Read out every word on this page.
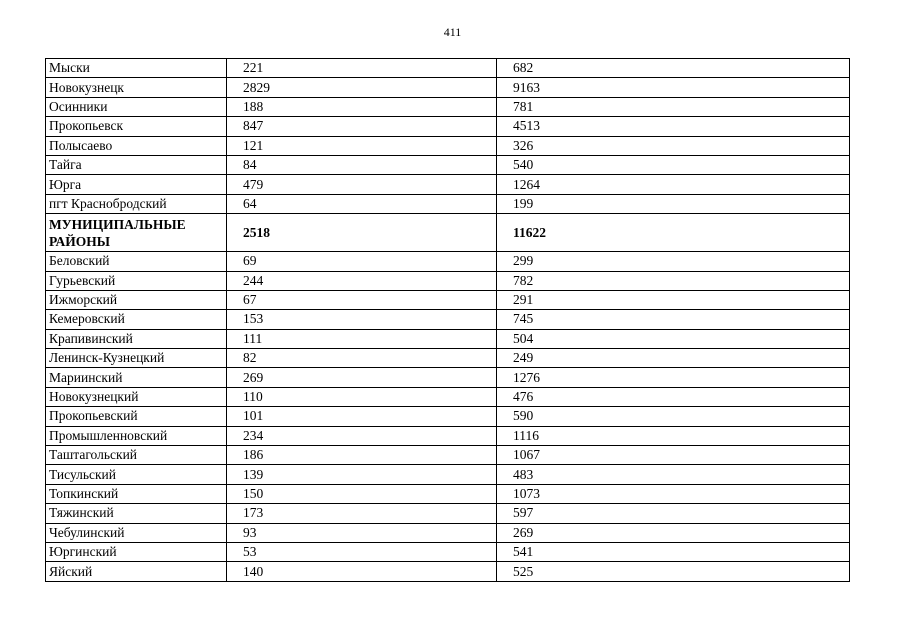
411
Мыски	221	682
Новокузнецк	2829	9163
Осинники	188	781
Прокопьевск	847	4513
Полысаево	121	326
Тайга	84	540
Юрга	479	1264
пгт Краснобродский	64	199
МУНИЦИПАЛЬНЫЕ РАЙОНЫ	2518	11622
Беловский	69	299
Гурьевский	244	782
Ижморский	67	291
Кемеровский	153	745
Крапивинский	111	504
Ленинск-Кузнецкий	82	249
Мариинский	269	1276
Новокузнецкий	110	476
Прокопьевский	101	590
Промышленновский	234	1116
Таштагольский	186	1067
Тисульский	139	483
Топкинский	150	1073
Тяжинский	173	597
Чебулинский	93	269
Юргинский	53	541
Яйский	140	525
